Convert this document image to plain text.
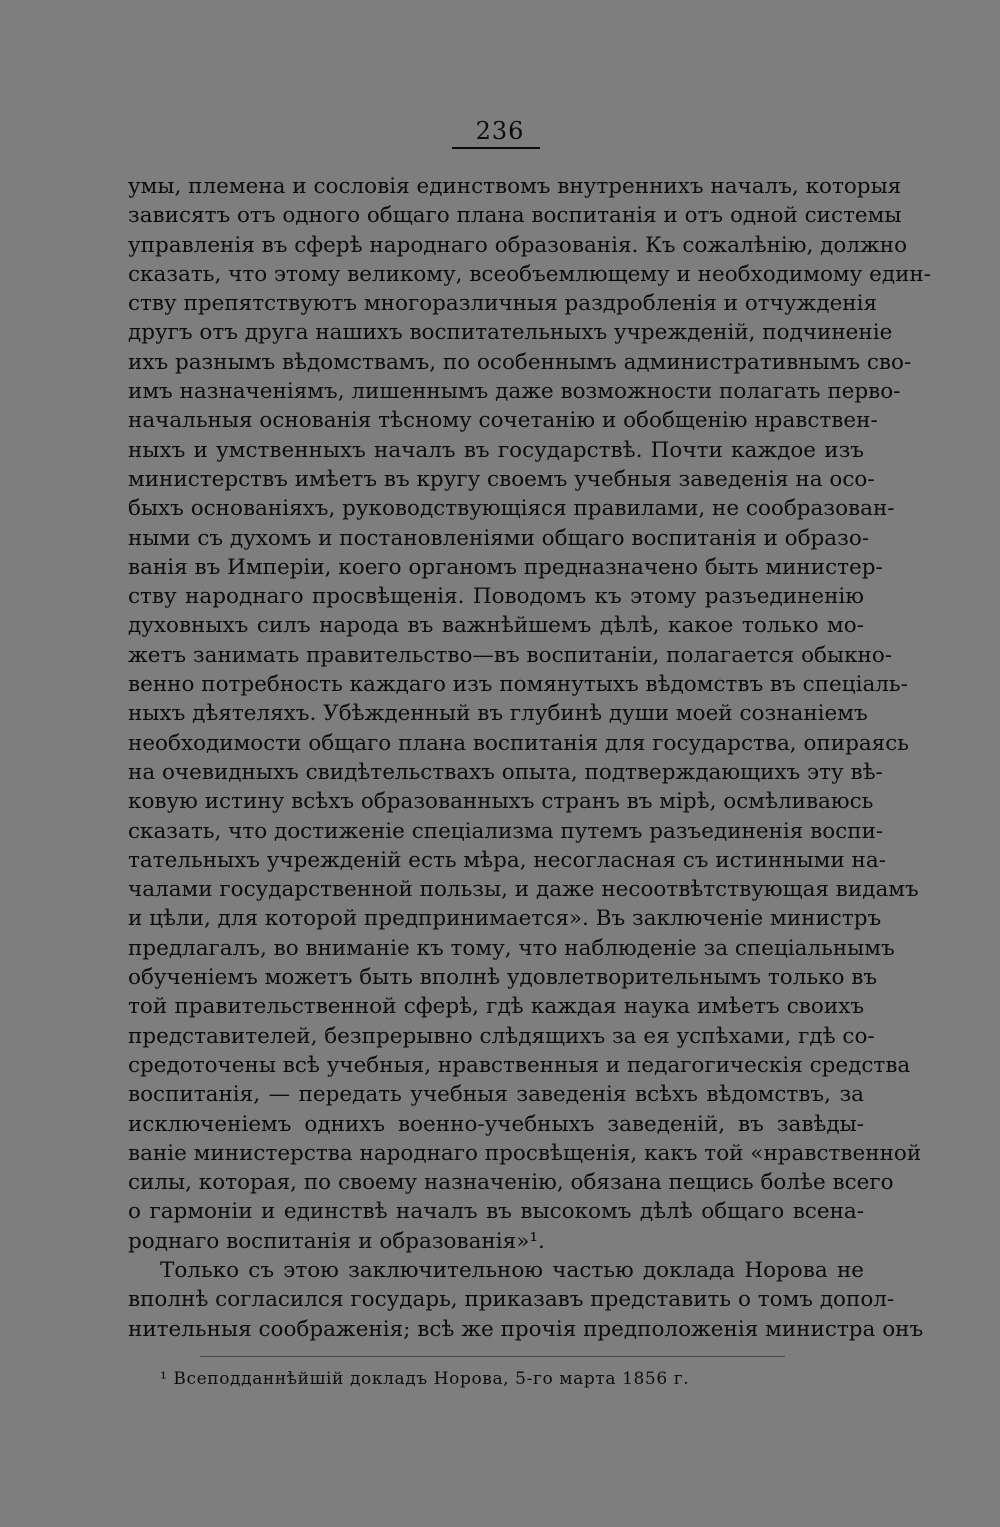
236
умы, племена и сословія единствомъ внутреннихъ началъ, которыя
зависятъ отъ одного общаго плана воспитанія и отъ одной системы
управленія въ сферѣ народнаго образованія. Къ сожалѣнію, должно
сказать, что этому великому, всеобъемлющему и необходимому един-
ству препятствуютъ многоразличныя раздробленія и отчужденія
другъ отъ друга нашихъ воспитательныхъ учрежденій, подчиненіе
ихъ разнымъ вѣдомствамъ, по особеннымъ административнымъ сво-
имъ назначеніямъ, лишеннымъ даже возможности полагать перво-
начальныя основанія тѣсному сочетанію и обобщенію нравствен-
ныхъ и умственныхъ началъ въ государствѣ. Почти каждое изъ
министерствъ имѣетъ въ кругу своемъ учебныя заведенія на осо-
быхъ основаніяхъ, руководствующіяся правилами, не сообразован-
ными съ духомъ и постановленіями общаго воспитанія и образо-
ванія въ Имперіи, коего органомъ предназначено быть министер-
ству народнаго просвѣщенія. Поводомъ къ этому разъединенію
духовныхъ силъ народа въ важнѣйшемъ дѣлѣ, какое только мо-
жетъ занимать правительство—въ воспитаніи, полагается обыкно-
венно потребность каждаго изъ помянутыхъ вѣдомствъ въ спеціаль-
ныхъ дѣятеляхъ. Убѣжденный въ глубинѣ души моей сознаніемъ
необходимости общаго плана воспитанія для государства, опираясь
на очевидныхъ свидѣтельствахъ опыта, подтверждающихъ эту вѣ-
ковую истину всѣхъ образованныхъ странъ въ мірѣ, осмѣливаюсь
сказать, что достиженіе спеціализма путемъ разъединенія воспи-
тательныхъ учрежденій есть мѣра, несогласная съ истинными на-
чалами государственной пользы, и даже несоотвѣтствующая видамъ
и цѣли, для которой предпринимается». Въ заключеніе министръ
предлагалъ, во вниманіе къ тому, что наблюденіе за спеціальнымъ
обученіемъ можетъ быть вполнѣ удовлетворительнымъ только въ
той правительственной сферѣ, гдѣ каждая наука имѣетъ своихъ
представителей, безпрерывно слѣдящихъ за ея успѣхами, гдѣ со-
средоточены всѣ учебныя, нравственныя и педагогическія средства
воспитанія, — передать учебныя заведенія всѣхъ вѣдомствъ, за
исключеніемъ однихъ военно-учебныхъ заведеній, въ завѣды-
ваніе министерства народнаго просвѣщенія, какъ той «нравственной
силы, которая, по своему назначенію, обязана пещись болѣе всего
о гармоніи и единствѣ началъ въ высокомъ дѣлѣ общаго всена-
роднаго воспитанія и образованія»¹.
Только съ этою заключительною частью доклада Норова не
вполнѣ согласился государь, приказавъ представить о томъ допол-
нительныя соображенія; всѣ же прочія предположенія министра онъ
¹ Всеподданнѣйшій докладъ Норова, 5-го марта 1856 г.
